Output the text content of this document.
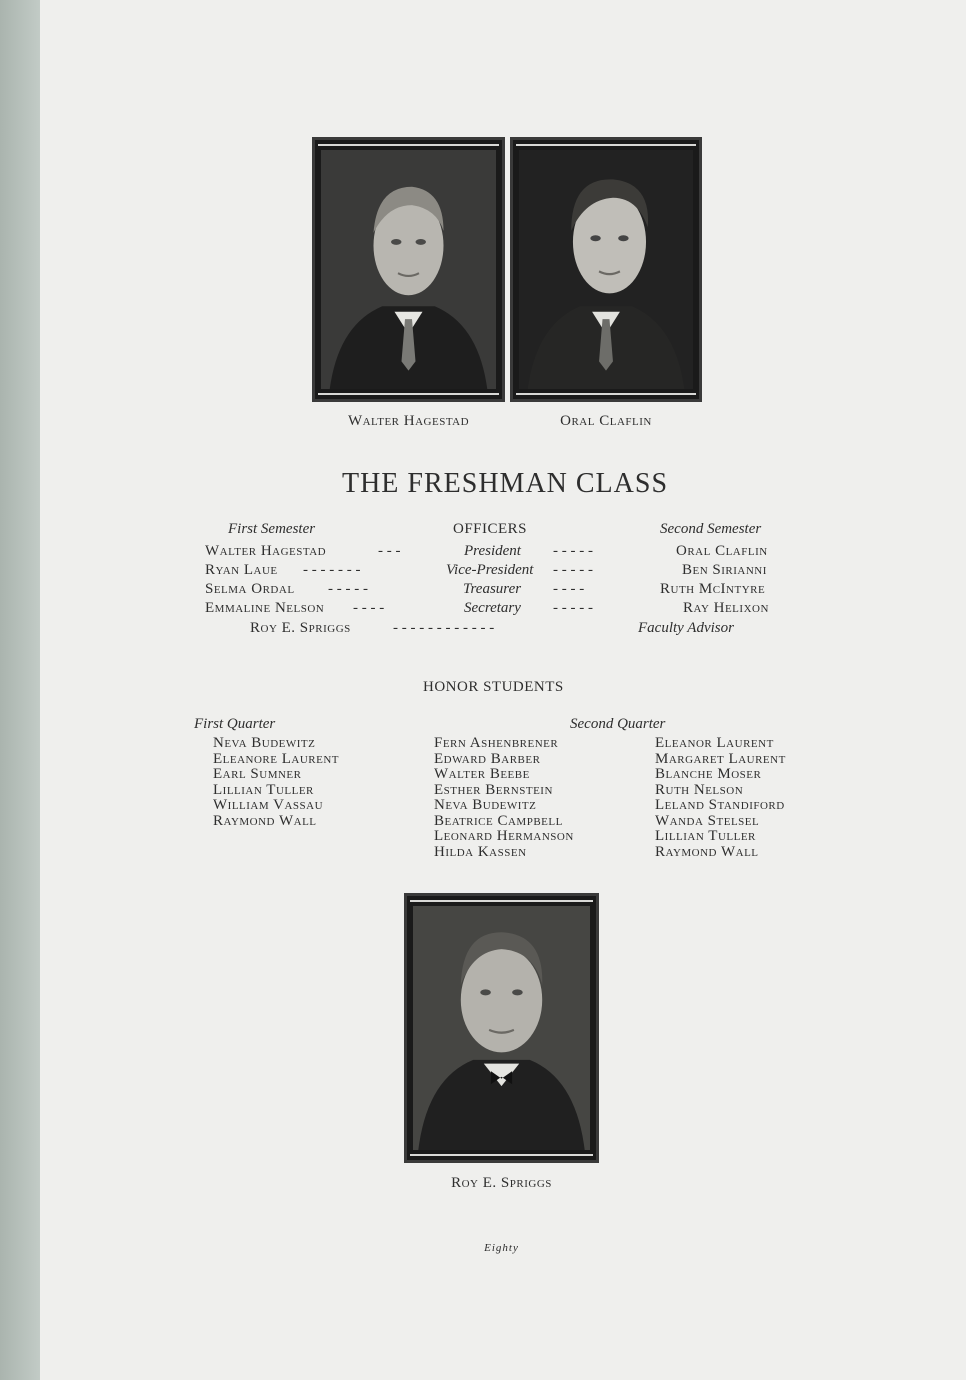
Walter Hagestad	Oral Claflin
THE FRESHMAN CLASS
First Semester	OFFICERS	Second Semester
Walter Hagestad	- - -	President - - - - -	Oral Claflin
Ryan Laue - - - - - - -	Vice-President - - - - -	Ben Sirianni
Selma Ordal - - - - -	Treasurer - - - -	Ruth McIntyre
Emmaline Nelson - - - -	Secretary - - - - -	Ray Helixon
Roy E. Spriggs	- - - - - - - - - - - -	Faculty Advisor
HONOR STUDENTS
First Quarter	Second Quarter
Neva Budewitz
Eleanore Laurent
Earl Sumner
Lillian Tuller
William Vassau
Raymond Wall
Fern Ashenbrener
Edward Barber
Walter Beebe
Esther Bernstein
Neva Budewitz
Beatrice Campbell
Leonard Hermanson
Hilda Kassen
Eleanor Laurent
Margaret Laurent
Blanche Moser
Ruth Nelson
Leland Standiford
Wanda Stelsel
Lillian Tuller
Raymond Wall
Roy E. Spriggs
Eighty
